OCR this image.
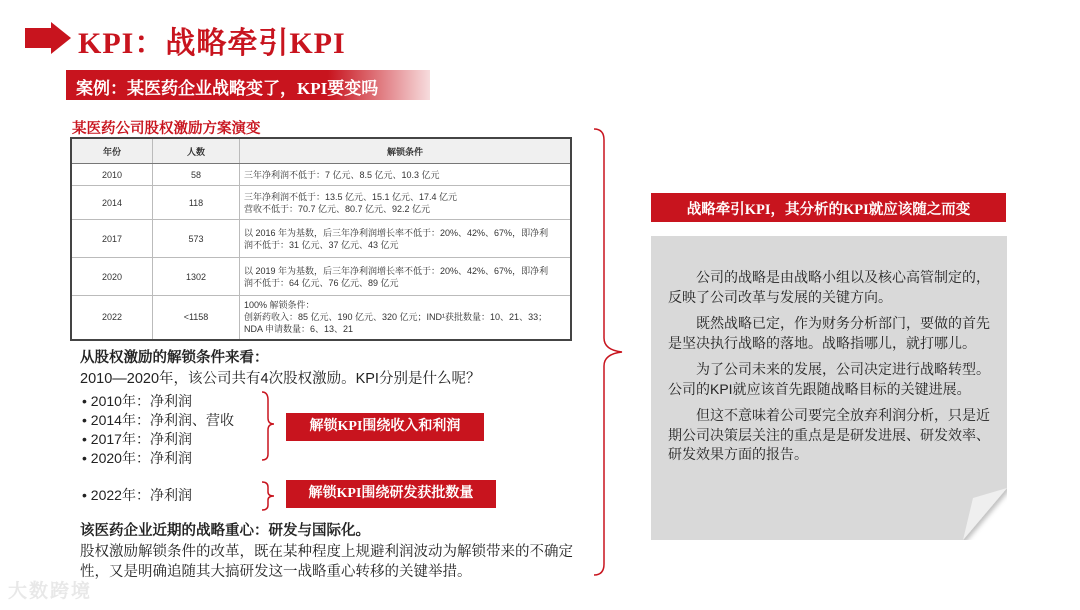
KPI：战略牵引KPI
案例：某医药企业战略变了，KPI要变吗
某医药公司股权激励方案演变
年份	人数	解锁条件
2010	58	三年净利润不低于：7 亿元、8.5 亿元、10.3 亿元

2014	118	三年净利润不低于：13.5 亿元、15.1 亿元、17.4 亿元
营收不低于：70.7 亿元、80.7 亿元、92.2 亿元

2017	573	以 2016 年为基数，后三年净利润增长率不低于：20%、42%、67%，即净利
润不低于：31 亿元、37 亿元、43 亿元

2020	1302	以 2019 年为基数，后三年净利润增长率不低于：20%、42%、67%，即净利
润不低于：64 亿元、76 亿元、89 亿元

2022	<1158	100% 解锁条件：
创新药收入：85 亿元、190 亿元、320 亿元；IND¹获批数量：10、21、33；
NDA 申请数量：6、13、21
从股权激励的解锁条件来看：
2010—2020年，该公司共有4次股权激励。KPI分别是什么呢？
• 2010年：净利润
• 2014年：净利润、营收
• 2017年：净利润
• 2020年：净利润
• 2022年：净利润
解锁KPI围绕收入和利润
解锁KPI围绕研发获批数量
该医药企业近期的战略重心：研发与国际化。
股权激励解锁条件的改革，既在某种程度上规避利润波动为解锁带来的不确定性，又是明确追随其大搞研发这一战略重心转移的关键举措。
战略牵引KPI，其分析的KPI就应该随之而变

公司的战略是由战略小组以及核心高管制定的，反映了公司改革与发展的关键方向。

既然战略已定，作为财务分析部门，要做的首先是坚决执行战略的落地。战略指哪儿，就打哪儿。

为了公司未来的发展，公司决定进行战略转型。公司的KPI就应该首先跟随战略目标的关键进展。

但这不意味着公司要完全放弃利润分析，只是近期公司决策层关注的重点是是研发进展、研发效率、研发效果方面的报告。

大数跨境
